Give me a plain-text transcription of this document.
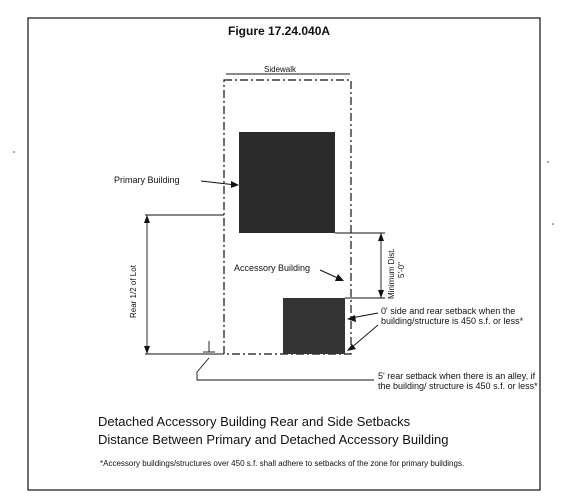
Figure 17.24.040A
Sidewalk
Primary Building
Accessory Building
Rear 1/2 of Lot	Minimum Dist. 5'-0"
0' side and rear setback when the building/structure is 450 s.f. or less*
5' rear setback when there is an alley, if the building/ structure is 450 s.f. or less*
Detached Accessory Building Rear and Side Setbacks
Distance Between Primary and Detached Accessory Building
*Accessory buildings/structures over 450 s.f. shall adhere to setbacks of the zone for primary buildings.
